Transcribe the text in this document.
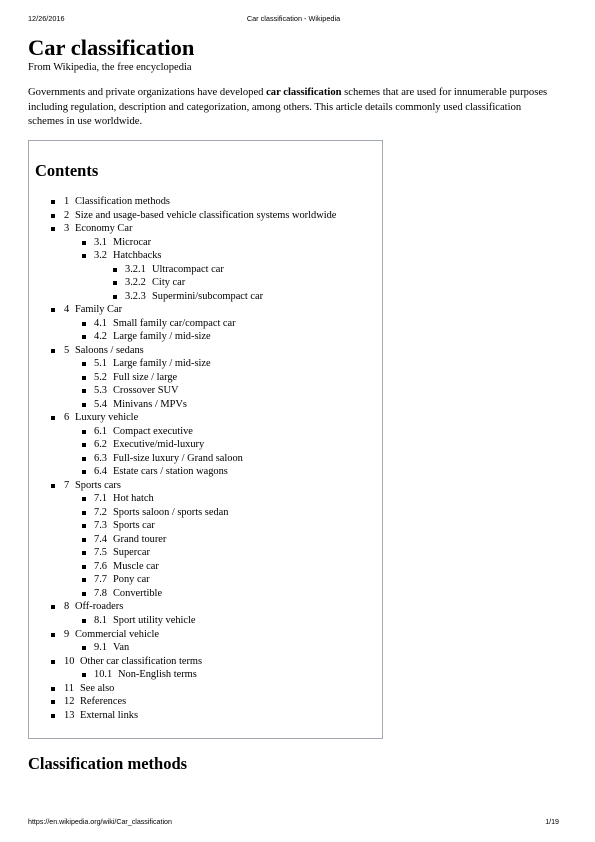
12/26/2016	Car classification - Wikipedia
Car classification
From Wikipedia, the free encyclopedia

Governments and private organizations have developed car classification schemes that are used for innumerable purposes including regulation, description and categorization, among others. This article details commonly used classification schemes in use worldwide.

Contents
1 Classification methods
2 Size and usage-based vehicle classification systems worldwide
3 Economy Car
3.1 Microcar
3.2 Hatchbacks
3.2.1 Ultracompact car
3.2.2 City car
3.2.3 Supermini/subcompact car
4 Family Car
4.1 Small family car/compact car
4.2 Large family / mid-size
5 Saloons / sedans
5.1 Large family / mid-size
5.2 Full size / large
5.3 Crossover SUV
5.4 Minivans / MPVs
6 Luxury vehicle
6.1 Compact executive
6.2 Executive/mid-luxury
6.3 Full-size luxury / Grand saloon
6.4 Estate cars / station wagons
7 Sports cars
7.1 Hot hatch
7.2 Sports saloon / sports sedan
7.3 Sports car
7.4 Grand tourer
7.5 Supercar
7.6 Muscle car
7.7 Pony car
7.8 Convertible
8 Off-roaders
8.1 Sport utility vehicle
9 Commercial vehicle
9.1 Van
10 Other car classification terms
10.1 Non-English terms
11 See also
12 References
13 External links
Classification methods
https://en.wikipedia.org/wiki/Car_classification	1/19
